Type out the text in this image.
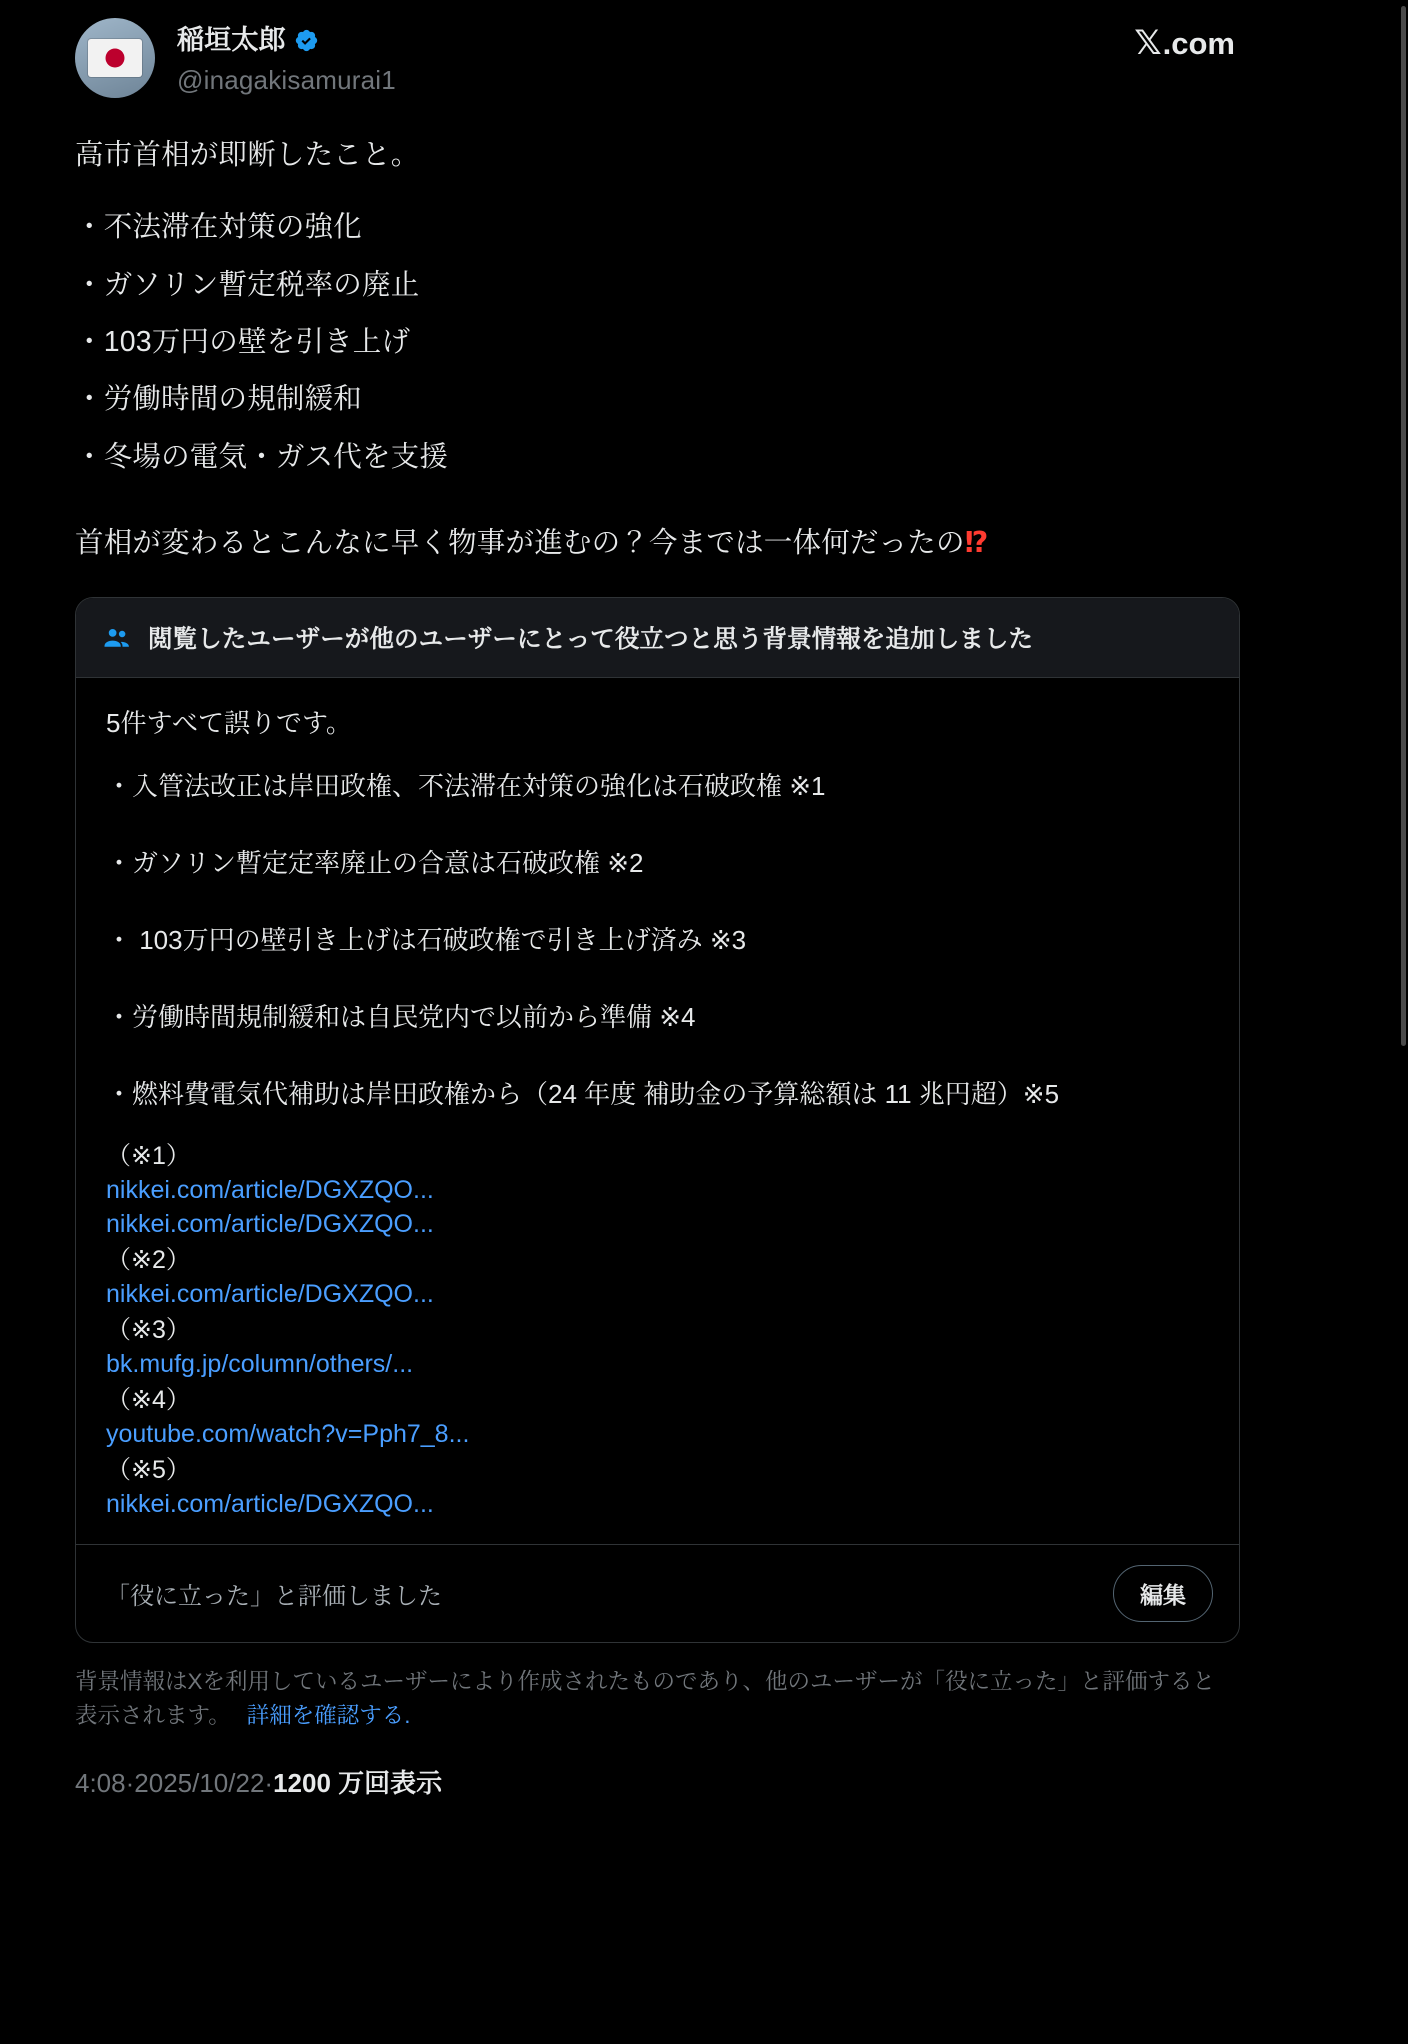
稲垣太郎
@inagakisamurai1
𝕏 .com

高市首相が即断したこと。

・不法滞在対策の強化

・ガソリン暫定税率の廃止

・103万円の壁を引き上げ

・労働時間の規制緩和

・冬場の電気・ガス代を支援

首相が変わるとこんなに早く物事が進むの？今までは一体何だったの⁉

閲覧したユーザーが他のユーザーにとって役立つと思う背景情報を追加しました

5件すべて誤りです。

・入管法改正は岸田政権、不法滞在対策の強化は石破政権 ※1

・ガソリン暫定定率廃止の合意は石破政権 ※2

・ 103万円の壁引き上げは石破政権で引き上げ済み ※3

・労働時間規制緩和は自民党内で以前から準備 ※4

・燃料費電気代補助は岸田政権から（24 年度 補助金の予算総額は 11 兆円超）※5

（※1）
nikkei.com/article/DGXZQO...
nikkei.com/article/DGXZQO...
（※2）
nikkei.com/article/DGXZQO...
（※3）
bk.mufg.jp/column/others/...
（※4）
youtube.com/watch?v=Pph7_8...
（※5）
nikkei.com/article/DGXZQO...
「役に立った」と評価しました	編集
背景情報はXを利用しているユーザーにより作成されたものであり、他のユーザーが「役に立った」と評価すると表示されます。 詳細を確認する.
4:08 · 2025/10/22 · 1200 万 回表示
